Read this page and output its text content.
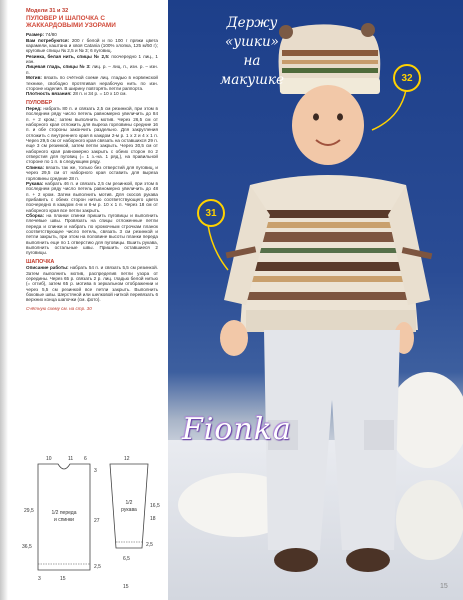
Модели 31 и 32
ПУЛОВЕР И ШАПОЧКА С ЖАККАРДОВЫМИ УЗОРАМИ

Размер: 74/80

Вам потребуются: 200 г белой и по 100 г пряжи цвета карамели, каштана и хвоя Catania (100% хлопка, 125 м/50 г); круговые спицы № 2,5 и № 3; 6 пуговиц.

Резинка, белая нить, спицы № 2,5: поочередно 1 лиц., 1 изн.

Лицевая гладь, спицы № 3: лиц. р. – лиц. п., изн. р. – изн. п.

Мотив: вязать по счётной схеме лиц. гладью в норвежской технике, свободно протягивая нерабочую нить по изн. стороне изделия. В ширину повторять петли раппорта.

Плотность вязания: 28 п. и 34 р. = 10 х 10 см.

ПУЛОВЕР

Перед: набрать 80 п. и связать 2,5 см резинкой, при этом в последнем ряду число петель равномерно увеличить до 84 п. + 2 кром.; затем выполнить мотив. Через 26,5 см от наборного края отложить для выреза горловины средние 16 п. и обе стороны закончить раздельно. Для закругления отложить с внутреннего края в каждом 2-м р. 1 х 2 и 4 х 1 п. Через 29,5 см от наборного края связать на оставшихся 29 п. еще 3 см резинкой, затем петли закрыть. Через 30,5 см от наборного края равномерно закрыть с обеих сторон по 2 отверстия для пуговиц (= 1 з.-на. 1 ряд.), на правильной стороне по 1 п. в следующем ряду.

Спинка: вязать так же, только без отверстий для пуговиц, и через 29,5 см от наборного края оставить для выреза горловины средние 28 п.

Рукава: набрать 46 п. и связать 2,5 см резинкой, при этом в последнем ряду число петель равномерно увеличить до 48 п. + 2 кром. Затем выполнить мотив. Для скосов рукава прибавить с обеих сторон нитью соответствующего цвета поочередно в каждом 4-м и 6-м р. 10 х 1 п. Через 18 см от наборного края все петли закрыть.

Сборка: на планки спинки пришить пуговицы и выполнить плечевые швы. Провязать на спицы отложенные петли переда и спинки и набрать по кромочным строчкам планок соответствующее число петель, связать 3 см резинкой и петли закрыть, при этом на половине высоты планки переда выполнить еще по 1 отверстию для пуговицы. Вшить рукава, выполнить остальные швы. Пришить оставшиеся 2 пуговицы.

ШАПОЧКА

Описание работы: набрать 54 п. и связать 5,5 см резинкой. Затем выполнить мотив, распределив петли узора от середины. Через 65 р. связать 2 р. лиц. гладью белой нитью (= отгиб), затем 65 р. мотива в зеркальном отображении и через 5,5 см резинкой все петли закрыть. Выполнить боковые швы. Шерстяной или шелковой ниткой перевязать 6 верхних конца шапочки (см. фото).

Счётную схему см. на стр. 30
1/2 переда
и спинки
1/2
рукава
10	11 6
3
15
29,5
27
2,5
16,5
18
2,5
36,5
6,5
15
12
3
Держу
«ушки»
на
макушке	32
31
Fionka
15
